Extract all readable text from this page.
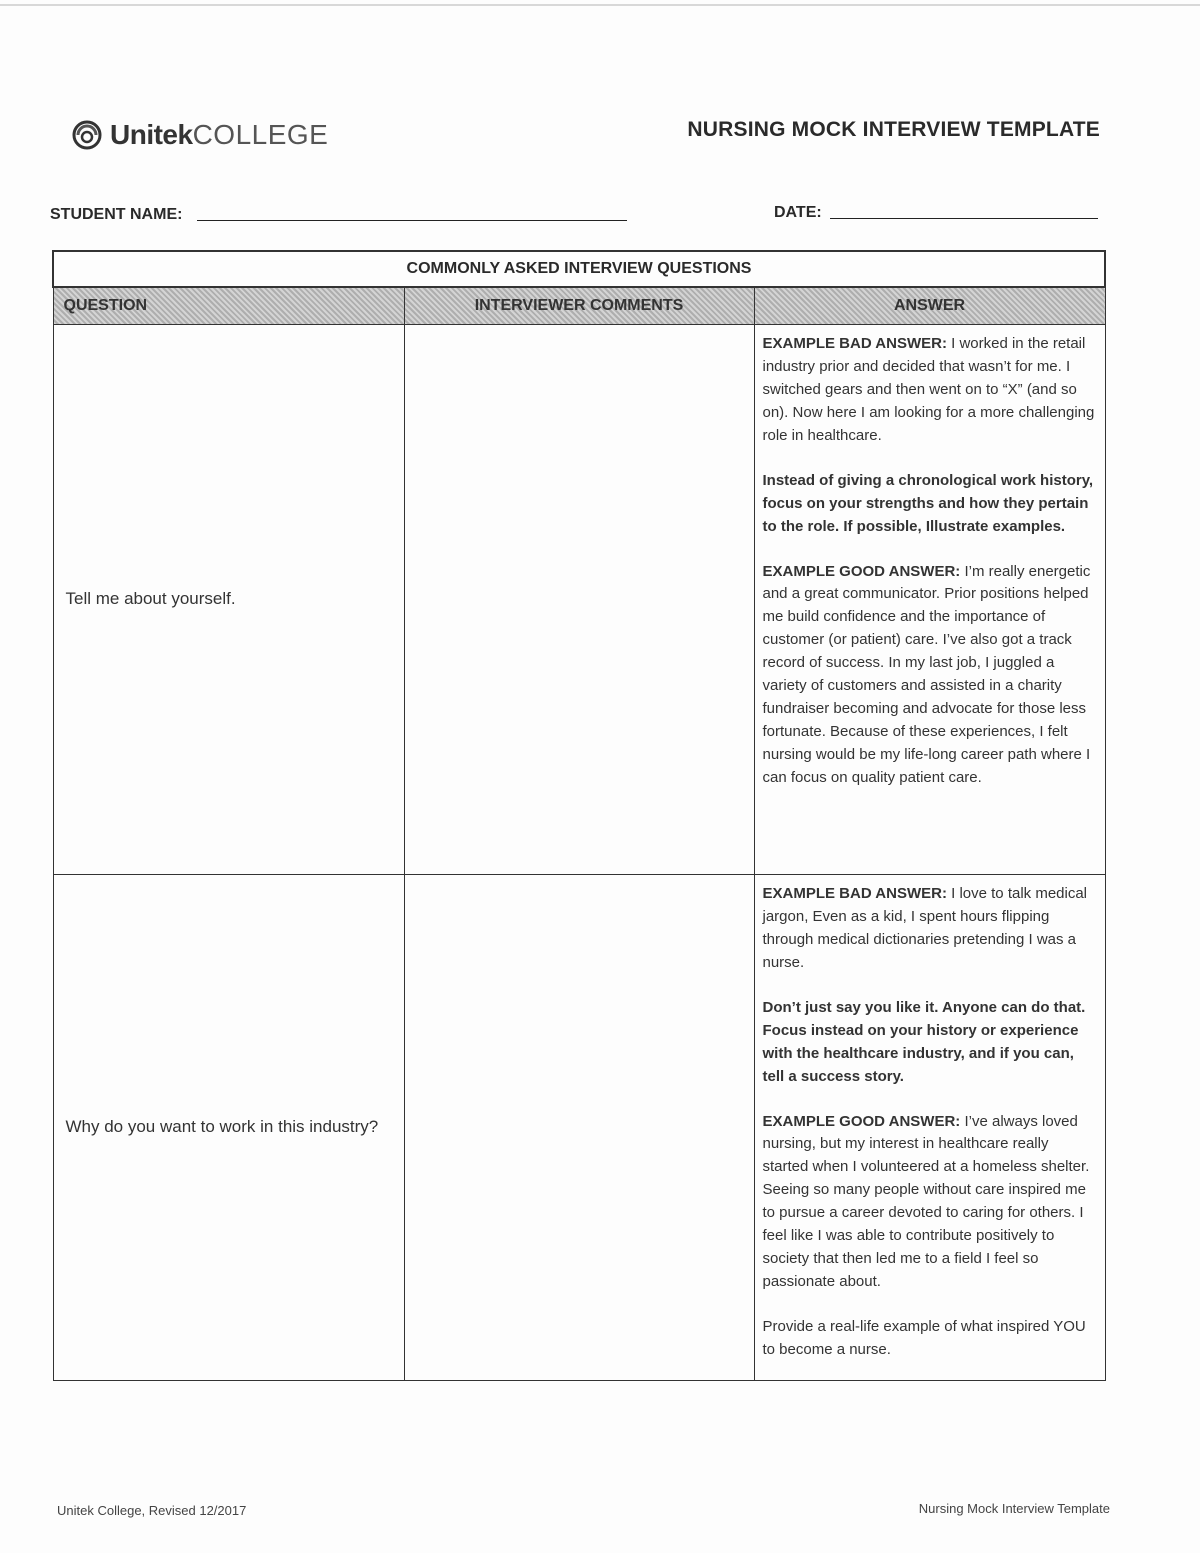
Unitek COLLEGE	NURSING MOCK INTERVIEW TEMPLATE
STUDENT NAME:	DATE:
COMMONLY ASKED INTERVIEW QUESTIONS		
QUESTION	INTERVIEWER COMMENTS	ANSWER
Tell me about yourself.		EXAMPLE BAD ANSWER: I worked in the retail industry prior and decided that wasn’t for me. I switched gears and then went on to “X” (and so on). Now here I am looking for a more challenging role in healthcare.

Instead of giving a chronological work history, focus on your strengths and how they pertain to the role. If possible, Illustrate examples.

EXAMPLE GOOD ANSWER: I’m really energetic and a great communicator. Prior positions helped me build confidence and the importance of customer (or patient) care. I’ve also got a track record of success. In my last job, I juggled a variety of customers and assisted in a charity fundraiser becoming and advocate for those less fortunate. Because of these experiences, I felt nursing would be my life-long career path where I can focus on quality patient care.

Why do you want to work in this industry?		EXAMPLE BAD ANSWER: I love to talk medical jargon, Even as a kid, I spent hours flipping through medical dictionaries pretending I was a nurse.

Don’t just say you like it. Anyone can do that. Focus instead on your history or experience with the healthcare industry, and if you can, tell a success story.

EXAMPLE GOOD ANSWER: I’ve always loved nursing, but my interest in healthcare really started when I volunteered at a homeless shelter. Seeing so many people without care inspired me to pursue a career devoted to caring for others. I feel like I was able to contribute positively to society that then led me to a field I feel so passionate about.

Provide a real-life example of what inspired YOU to become a nurse.

Unitek College, Revised 12/2017	Nursing Mock Interview Template
